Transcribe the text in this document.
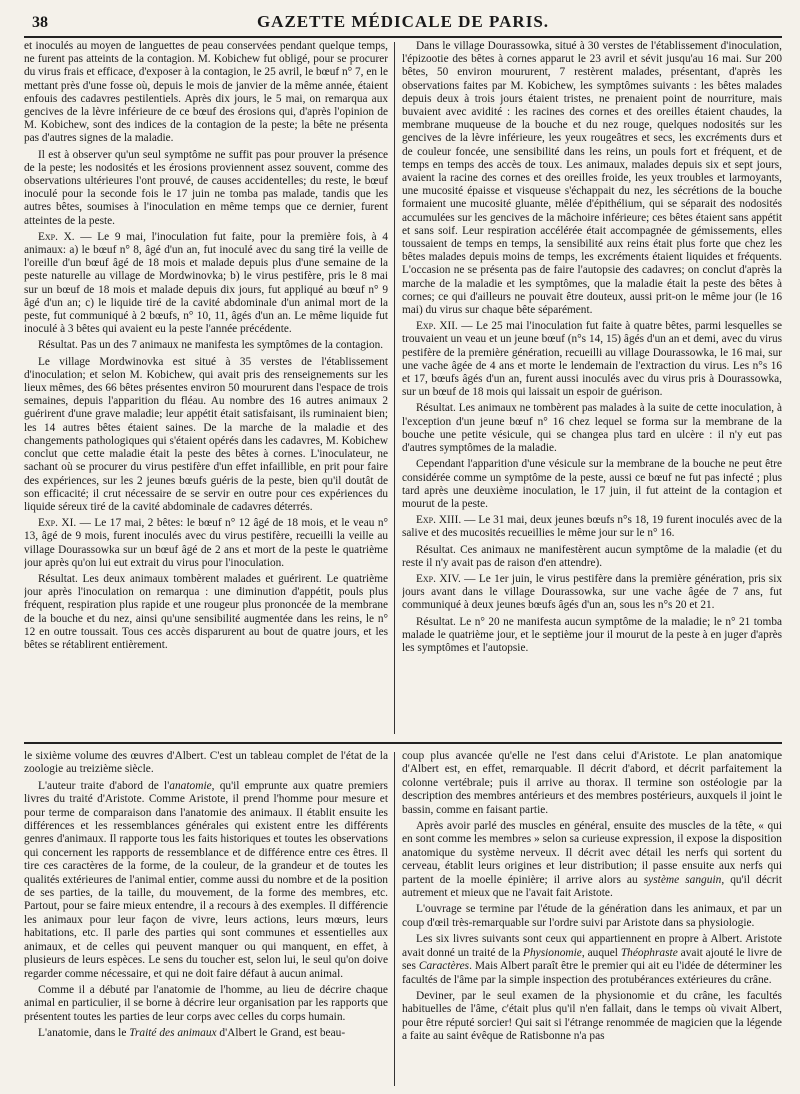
38	GAZETTE MÉDICALE DE PARIS.

et inoculés au moyen de languettes de peau conservées pendant quelque temps, ne furent pas atteints de la contagion. M. Kobichew fut obligé, pour se procurer du virus frais et efficace, d'exposer à la contagion, le 25 avril, le bœuf n° 7, en le mettant près d'une fosse où, depuis le mois de janvier de la même année, étaient enfouis des cadavres pestilentiels. Après dix jours, le 5 mai, on remarqua aux gencives de la lèvre inférieure de ce bœuf des érosions qui, d'après l'opinion de M. Kobichew, sont des indices de la contagion de la peste; la bête ne présenta pas d'autres signes de la maladie.

Il est à observer qu'un seul symptôme ne suffit pas pour prouver la présence de la peste; les nodosités et les érosions proviennent assez souvent, comme des observations ultérieures l'ont prouvé, de causes accidentelles; du reste, le bœuf inoculé pour la seconde fois le 17 juin ne tomba pas malade, tandis que les autres bêtes, soumises à l'inoculation en même temps que ce dernier, furent atteintes de la peste.

Exp. X. — Le 9 mai, l'inoculation fut faite, pour la première fois, à 4 animaux: a) le bœuf n° 8, âgé d'un an, fut inoculé avec du sang tiré la veille de l'oreille d'un bœuf âgé de 18 mois et malade depuis plus d'une semaine de la peste naturelle au village de Mordwinovka; b) le virus pestifère, pris le 8 mai sur un bœuf de 18 mois et malade depuis dix jours, fut appliqué au bœuf n° 9 âgé d'un an; c) le liquide tiré de la cavité abdominale d'un animal mort de la peste, fut communiqué à 2 bœufs, n° 10, 11, âgés d'un an. Le même liquide fut inoculé à 3 bêtes qui avaient eu la peste l'année précédente.

Résultat. Pas un des 7 animaux ne manifesta les symptômes de la contagion.

Le village Mordwinovka est situé à 35 verstes de l'établissement d'inoculation; et selon M. Kobichew, qui avait pris des renseignements sur les lieux mêmes, des 66 bêtes présentes environ 50 moururent dans l'espace de trois semaines, depuis l'apparition du fléau. Au nombre des 16 autres animaux 2 guérirent d'une grave maladie; leur appétit était satisfaisant, ils ruminaient bien; les 14 autres bêtes étaient saines. De la marche de la maladie et des changements pathologiques qui s'étaient opérés dans les cadavres, M. Kobichew conclut que cette maladie était la peste des bêtes à cornes. L'inoculateur, ne sachant où se procurer du virus pestifère d'un effet infaillible, en prit pour faire des expériences, sur les 2 jeunes bœufs guéris de la peste, bien qu'il doutât de son efficacité; il crut nécessaire de se servir en outre pour ces expériences du liquide séreux tiré de la cavité abdominale de cadavres déterrés.

Exp. XI. — Le 17 mai, 2 bêtes: le bœuf n° 12 âgé de 18 mois, et le veau n° 13, âgé de 9 mois, furent inoculés avec du virus pestifère, recueilli la veille au village Dourassowka sur un bœuf âgé de 2 ans et mort de la peste le quatrième jour après qu'on lui eut extrait du virus pour l'inoculation.

Résultat. Les deux animaux tombèrent malades et guérirent. Le quatrième jour après l'inoculation on remarqua : une diminution d'appétit, pouls plus fréquent, respiration plus rapide et une rougeur plus prononcée de la membrane de la bouche et du nez, ainsi qu'une sensibilité augmentée dans les reins, le n° 12 en outre toussait. Tous ces accès disparurent au bout de quatre jours, et les bêtes se rétablirent entièrement.

Dans le village Dourassowka, situé à 30 verstes de l'établissement d'inoculation, l'épizootie des bêtes à cornes apparut le 23 avril et sévit jusqu'au 16 mai. Sur 200 bêtes, 50 environ moururent, 7 restèrent malades, présentant, d'après les observations faites par M. Kobichew, les symptômes suivants : les bêtes malades depuis deux à trois jours étaient tristes, ne prenaient point de nourriture, mais buvaient avec avidité : les racines des cornes et des oreilles étaient chaudes, la membrane muqueuse de la bouche et du nez rouge, quelques nodosités sur les gencives de la lèvre inférieure, les yeux rougeâtres et secs, les excréments durs et de couleur foncée, une sensibilité dans les reins, un pouls fort et fréquent, et de temps en temps des accès de toux. Les animaux, malades depuis six et sept jours, avaient la racine des cornes et des oreilles froide, les yeux troubles et larmoyants, une mucosité épaisse et visqueuse s'échappait du nez, les sécrétions de la bouche formaient une mucosité gluante, mêlée d'épithélium, qui se séparait des nodosités accumulées sur les gencives de la mâchoire inférieure; ces bêtes étaient sans appétit et sans soif. Leur respiration accélérée était accompagnée de gémissements, elles toussaient de temps en temps, la sensibilité aux reins était plus forte que chez les bêtes malades depuis moins de temps, les excréments étaient liquides et fréquents. L'occasion ne se présenta pas de faire l'autopsie des cadavres; on conclut d'après la marche de la maladie et les symptômes, que la maladie était la peste des bêtes à cornes; ce qui d'ailleurs ne pouvait être douteux, aussi prit-on le même jour (le 16 mai) du virus sur chaque bête séparément.

Exp. XII. — Le 25 mai l'inoculation fut faite à quatre bêtes, parmi lesquelles se trouvaient un veau et un jeune bœuf (n°s 14, 15) âgés d'un an et demi, avec du virus pestifère de la première génération, recueilli au village Dourassowka, le 16 mai, sur une vache âgée de 4 ans et morte le lendemain de l'extraction du virus. Les n°s 16 et 17, bœufs âgés d'un an, furent aussi inoculés avec du virus pris à Dourassowka, sur un bœuf de 18 mois qui laissait un espoir de guérison.

Résultat. Les animaux ne tombèrent pas malades à la suite de cette inoculation, à l'exception d'un jeune bœuf n° 16 chez lequel se forma sur la membrane de la bouche une petite vésicule, qui se changea plus tard en ulcère : il n'y eut pas d'autres symptômes de la maladie.

Cependant l'apparition d'une vésicule sur la membrane de la bouche ne peut être considérée comme un symptôme de la peste, aussi ce bœuf ne fut pas infecté ; plus tard après une deuxième inoculation, le 17 juin, il fut atteint de la contagion et mourut de la peste.

Exp. XIII. — Le 31 mai, deux jeunes bœufs n°s 18, 19 furent inoculés avec de la salive et des mucosités recueillies le même jour sur le n° 16.

Résultat. Ces animaux ne manifestèrent aucun symptôme de la maladie (et du reste il n'y avait pas de raison d'en attendre).

Exp. XIV. — Le 1er juin, le virus pestifère dans la première génération, pris six jours avant dans le village Dourassowka, sur une vache âgée de 7 ans, fut communiqué à deux jeunes bœufs âgés d'un an, sous les n°s 20 et 21.

Résultat. Le n° 20 ne manifesta aucun symptôme de la maladie; le n° 21 tomba malade le quatrième jour, et le septième jour il mourut de la peste à en juger d'après les symptômes et l'autopsie.

le sixième volume des œuvres d'Albert. C'est un tableau complet de l'état de la zoologie au treizième siècle.

L'auteur traite d'abord de l'anatomie, qu'il emprunte aux quatre premiers livres du traité d'Aristote. Comme Aristote, il prend l'homme pour mesure et pour terme de comparaison dans l'anatomie des animaux. Il établit ensuite les différences et les ressemblances générales qui existent entre les différents genres d'animaux. Il rapporte tous les faits historiques et toutes les observations qui concernent les rapports de ressemblance et de différence entre ces êtres. Il tire ces caractères de la forme, de la couleur, de la grandeur et de toutes les qualités extérieures de l'animal entier, comme aussi du nombre et de la position de ses parties, de la taille, du mouvement, de la forme des membres, etc. Partout, pour se faire mieux entendre, il a recours à des exemples. Il différencie les animaux pour leur façon de vivre, leurs actions, leurs mœurs, leurs habitations, etc. Il parle des parties qui sont communes et essentielles aux animaux, et de celles qui peuvent manquer ou qui manquent, en effet, à plusieurs de leurs espèces. Le sens du toucher est, selon lui, le seul qu'on doive regarder comme nécessaire, et qui ne doit faire défaut à aucun animal.

Comme il a débuté par l'anatomie de l'homme, au lieu de décrire chaque animal en particulier, il se borne à décrire leur organisation par les rapports que présentent toutes les parties de leur corps avec celles du corps humain.

L'anatomie, dans le Traité des animaux d'Albert le Grand, est beau-

coup plus avancée qu'elle ne l'est dans celui d'Aristote. Le plan anatomique d'Albert est, en effet, remarquable. Il décrit d'abord, et décrit parfaitement la colonne vertébrale; puis il arrive au thorax. Il termine son ostéologie par la description des membres antérieurs et des membres postérieurs, auxquels il joint le bassin, comme en faisant partie.

Après avoir parlé des muscles en général, ensuite des muscles de la tête, « qui en sont comme les membres » selon sa curieuse expression, il expose la disposition anatomique du système nerveux. Il décrit avec détail les nerfs qui sortent du cerveau, établit leurs origines et leur distribution; il passe ensuite aux nerfs qui partent de la moelle épinière; il arrive alors au système sanguin, qu'il décrit autrement et mieux que ne l'avait fait Aristote.

L'ouvrage se termine par l'étude de la génération dans les animaux, et par un coup d'œil très-remarquable sur l'ordre suivi par Aristote dans sa physiologie.

Les six livres suivants sont ceux qui appartiennent en propre à Albert. Aristote avait donné un traité de la Physionomie, auquel Théophraste avait ajouté le livre de ses Caractères. Mais Albert paraît être le premier qui ait eu l'idée de déterminer les facultés de l'âme par la simple inspection des protubérances extérieures du crâne.

Deviner, par le seul examen de la physionomie et du crâne, les facultés habituelles de l'âme, c'était plus qu'il n'en fallait, dans le temps où vivait Albert, pour être réputé sorcier! Qui sait si l'étrange renommée de magicien que la légende a faite au saint évêque de Ratisbonne n'a pas
